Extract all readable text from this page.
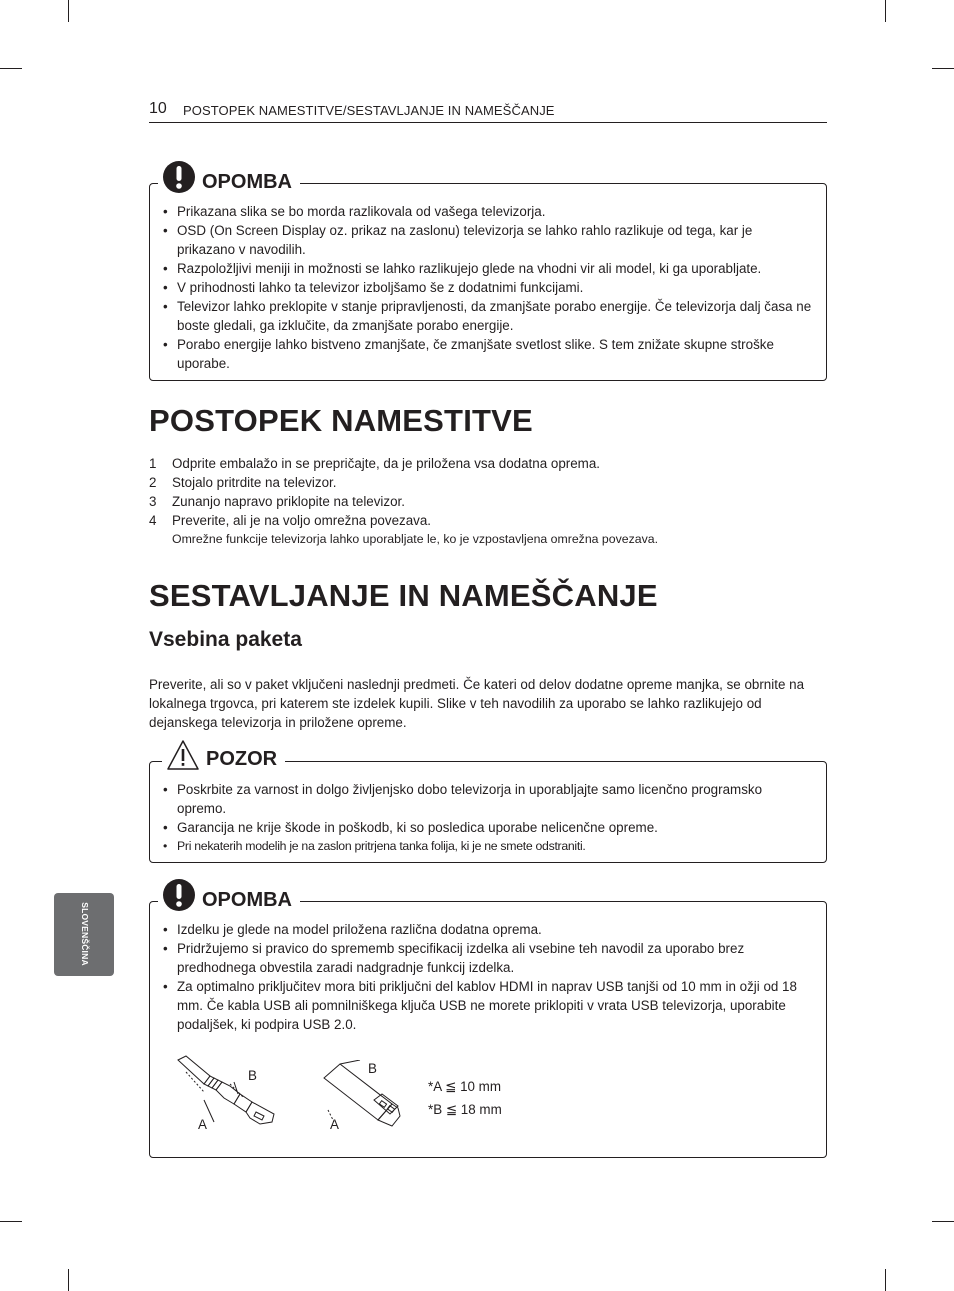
10 POSTOPEK NAMESTITVE/SESTAVLJANJE IN NAMEŠČANJE
OPOMBA
• Prikazana slika se bo morda razlikovala od vašega televizorja.
• OSD (On Screen Display oz. prikaz na zaslonu) televizorja se lahko rahlo razlikuje od tega, kar je prikazano v navodilih.
• Razpoložljivi meniji in možnosti se lahko razlikujejo glede na vhodni vir ali model, ki ga uporabljate.
• V prihodnosti lahko ta televizor izboljšamo še z dodatnimi funkcijami.
• Televizor lahko preklopite v stanje pripravljenosti, da zmanjšate porabo energije. Če televizorja dalj časa ne boste gledali, ga izklučite, da zmanjšate porabo energije.
• Porabo energije lahko bistveno zmanjšate, če zmanjšate svetlost slike. S tem znižate skupne stroške uporabe.
POSTOPEK NAMESTITVE
1 Odprite embalažo in se prepričajte, da je priložena vsa dodatna oprema.
2 Stojalo pritrdite na televizor.
3 Zunanjo napravo priklopite na televizor.
4 Preverite, ali je na voljo omrežna povezava.
Omrežne funkcije televizorja lahko uporabljate le, ko je vzpostavljena omrežna povezava.
SESTAVLJANJE IN NAMEŠČANJE
Vsebina paketa

Preverite, ali so v paket vključeni naslednji predmeti. Če kateri od delov dodatne opreme manjka, se obrnite na lokalnega trgovca, pri katerem ste izdelek kupili. Slike v teh navodilih za uporabo se lahko razlikujejo od dejanskega televizorja in priložene opreme.

POZOR
• Poskrbite za varnost in dolgo življenjsko dobo televizorja in uporabljajte samo licenčno programsko opremo.
• Garancija ne krije škode in poškodb, ki so posledica uporabe nelicenčne opreme.
• Pri nekaterih modelih je na zaslon pritrjena tanka folija, ki je ne smete odstraniti.
OPOMBA
• Izdelku je glede na model priložena različna dodatna oprema.
• Pridržujemo si pravico do sprememb specifikacij izdelka ali vsebine teh navodil za uporabo brez predhodnega obvestila zaradi nadgradnje funkcij izdelka.
• Za optimalno priključitev mora biti priključni del kablov HDMI in naprav USB tanjši od 10 mm in ožji od 18 mm. Če kabla USB ali pomnilniškega ključa USB ne morete priklopiti v vrata USB televizorja, uporabite podaljšek, ki podpira USB 2.0.
B
A
B
A
*A ≦ 10 mm
*B ≦ 18 mm
SLOVENŠČINA
